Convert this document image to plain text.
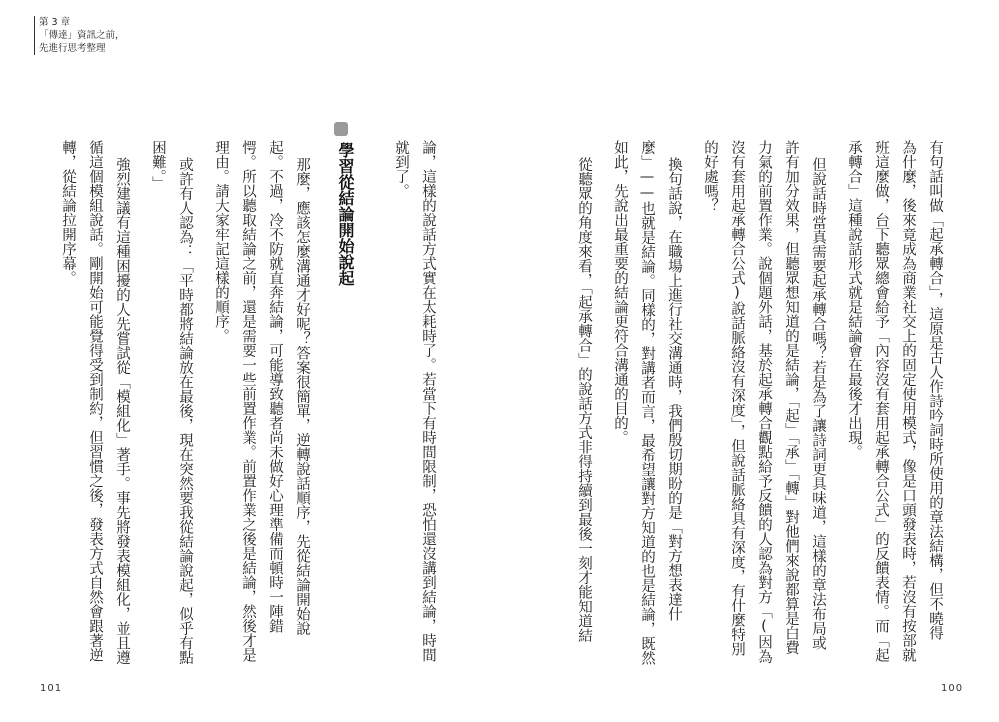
第 3 章
「傳達」資訊之前，
先進行思考整理
有句話叫做「起承轉合」，這原是古人作詩吟詞時所使用的章法結構，但不曉得
為什麼，後來竟成為商業社交上的固定使用模式，像是口頭發表時，若沒有按部就
班這麼做，台下聽眾總會給予「內容沒有套用起承轉合公式」的反饋表情。而「起
承轉合」這種說話形式就是結論會在最後才出現。
但說話時當真需要起承轉合嗎？若是為了讓詩詞更具味道，這樣的章法布局或
許有加分效果，但聽眾想知道的是結論，「起」「承」「轉」對他們來說都算是白費
力氣的前置作業。說個題外話，基於起承轉合觀點給予反饋的人認為對方「(因為
沒有套用起承轉合公式)說話脈絡沒有深度」，但說話脈絡具有深度，有什麼特別
的好處嗎？
換句話說，在職場上進行社交溝通時，我們殷切期盼的是「對方想表達什
麼」——也就是結論。同樣的，對講者而言，最希望讓對方知道的也是結論，既然
如此，先說出最重要的結論更符合溝通的目的。
從聽眾的角度來看，「起承轉合」的說話方式非得持續到最後一刻才能知道結
論，這樣的說話方式實在太耗時了。若當下有時間限制，恐怕還沒講到結論，時間
就到了。
學習從結論開始說起
那麼，應該怎麼溝通才好呢？答案很簡單，逆轉說話順序，先從結論開始說
起。不過，冷不防就直奔結論，可能導致聽者尚未做好心理準備而頓時一陣錯
愕。所以聽取結論之前，還是需要一些前置作業。前置作業之後是結論，然後才是
理由。請大家牢記這樣的順序。
或許有人認為：「平時都將結論放在最後，現在突然要我從結論說起，似乎有點
困難。」
強烈建議有這種困擾的人先嘗試從「模組化」著手。事先將發表模組化，並且遵
循這個模組說話。剛開始可能覺得受到制約，但習慣之後，發表方式自然會跟著逆
轉，從結論拉開序幕。
101	100
